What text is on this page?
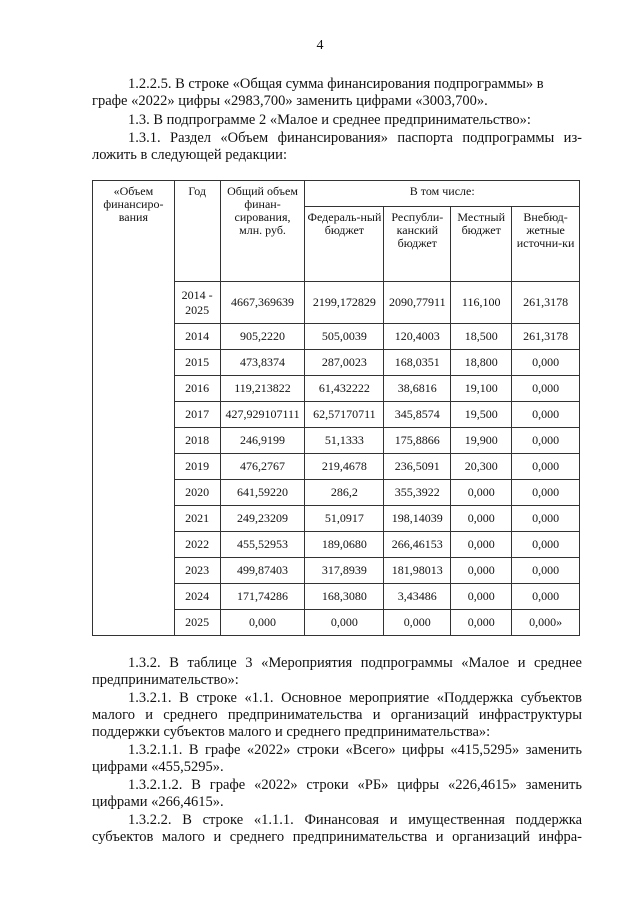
4
1.2.2.5. В строке «Общая сумма финансирования подпрограммы» в
графе «2022» цифры «2983,700» заменить цифрами «3003,700».
1.3. В подпрограмме 2 «Малое и среднее предпринимательство»:
1.3.1. Раздел «Объем финансирования» паспорта подпрограммы из-
ложить в следующей редакции:
«Объем финансиро-вания	Год	Общий объем финан-сирования, млн. руб.	В том числе:			
			Федераль-ный бюджет	Республи-канский бюджет	Местный бюджет	Внебюд-жетные источни-ки
	2014 - 2025	4667,369639	2199,172829	2090,77911	116,100	261,3178
	2014	905,2220	505,0039	120,4003	18,500	261,3178
	2015	473,8374	287,0023	168,0351	18,800	0,000
	2016	119,213822	61,432222	38,6816	19,100	0,000
	2017	427,929107111	62,57170711	345,8574	19,500	0,000
	2018	246,9199	51,1333	175,8866	19,900	0,000
	2019	476,2767	219,4678	236,5091	20,300	0,000
	2020	641,59220	286,2	355,3922	0,000	0,000
	2021	249,23209	51,0917	198,14039	0,000	0,000
	2022	455,52953	189,0680	266,46153	0,000	0,000
	2023	499,87403	317,8939	181,98013	0,000	0,000
	2024	171,74286	168,3080	3,43486	0,000	0,000
	2025	0,000	0,000	0,000	0,000	0,000»
1.3.2. В таблице 3 «Мероприятия подпрограммы «Малое и среднее
предпринимательство»:
1.3.2.1. В строке «1.1. Основное мероприятие «Поддержка субъектов
малого и среднего предпринимательства и организаций инфраструктуры
поддержки субъектов малого и среднего предпринимательства»:
1.3.2.1.1. В графе «2022» строки «Всего» цифры «415,5295» заменить
цифрами «455,5295».
1.3.2.1.2. В графе «2022» строки «РБ» цифры «226,4615» заменить
цифрами «266,4615».
1.3.2.2. В строке «1.1.1. Финансовая и имущественная поддержка
субъектов малого и среднего предпринимательства и организаций инфра-
